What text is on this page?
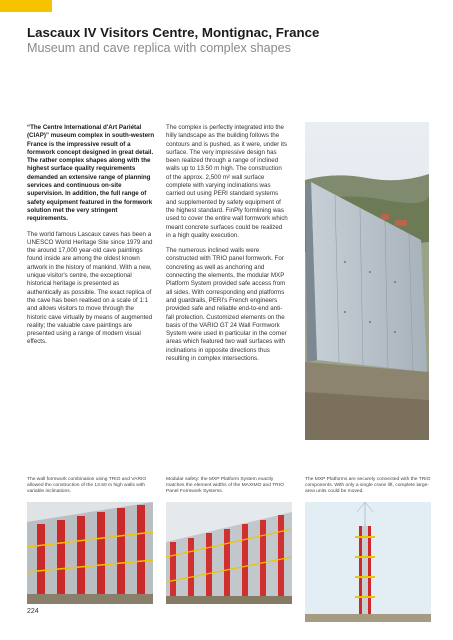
Lascaux IV Visitors Centre, Montignac, France
Museum and cave replica with complex shapes

“The Centre International d'Art Pariétal (CIAP)” museum complex in south-western France is the impressive result of a formwork concept designed in great detail. The rather complex shapes along with the highest surface quality requirements demanded an extensive range of planning services and continuous on-site supervision. In addition, the full range of safety equipment featured in the formwork solution met the very stringent requirements.

The world famous Lascaux caves has been a UNESCO World Heritage Site since 1979 and the around 17,000 year-old cave paintings found inside are among the oldest known artwork in the history of mankind. With a new, unique visitor's centre, the exceptional historical heritage is presented as authentically as possible. The exact replica of the cave has been realised on a scale of 1:1 and allows visitors to move through the historic cave virtually by means of augmented reality; the valuable cave paintings are presented using a range of modern visual effects.

The complex is perfectly integrated into the hilly landscape as the building follows the contours and is pushed, as it were, under its surface. The very impressive design has been realized through a range of inclined walls up to 13.50 m high. The construction of the approx. 2,500 m² wall surface complete with varying inclinations was carried out using PERI standard systems and supplemented by safety equipment of the highest standard. FinPly formlining was used to cover the entire wall formwork which meant concrete surfaces could be realized in a high quality execution.

The numerous inclined walls were constructed with TRIO panel formwork. For concreting as well as anchoring and connecting the elements, the modular MXP Platform System provided safe access from all sides. With corresponding end platforms and guardrails, PERI's French engineers provided safe and reliable end-to-end anti-fall protection. Customized elements on the basis of the VARIO GT 24 Wall Formwork System were used in particular in the corner areas which featured two wall surfaces with inclinations in opposite directions thus resulting in complex intersections.

The wall formwork combination using TRIO and VARIO allowed the construction of the 13.50 m high walls with variable inclinations.
Modular safety: the MXP Platform System exactly matches the element widths of the MAXIMO and TRIO Panel Formwork Systems.
The MXP Platforms are securely connected with the TRIO components. With only a single crane lift, complete large-area units could be moved.
224
